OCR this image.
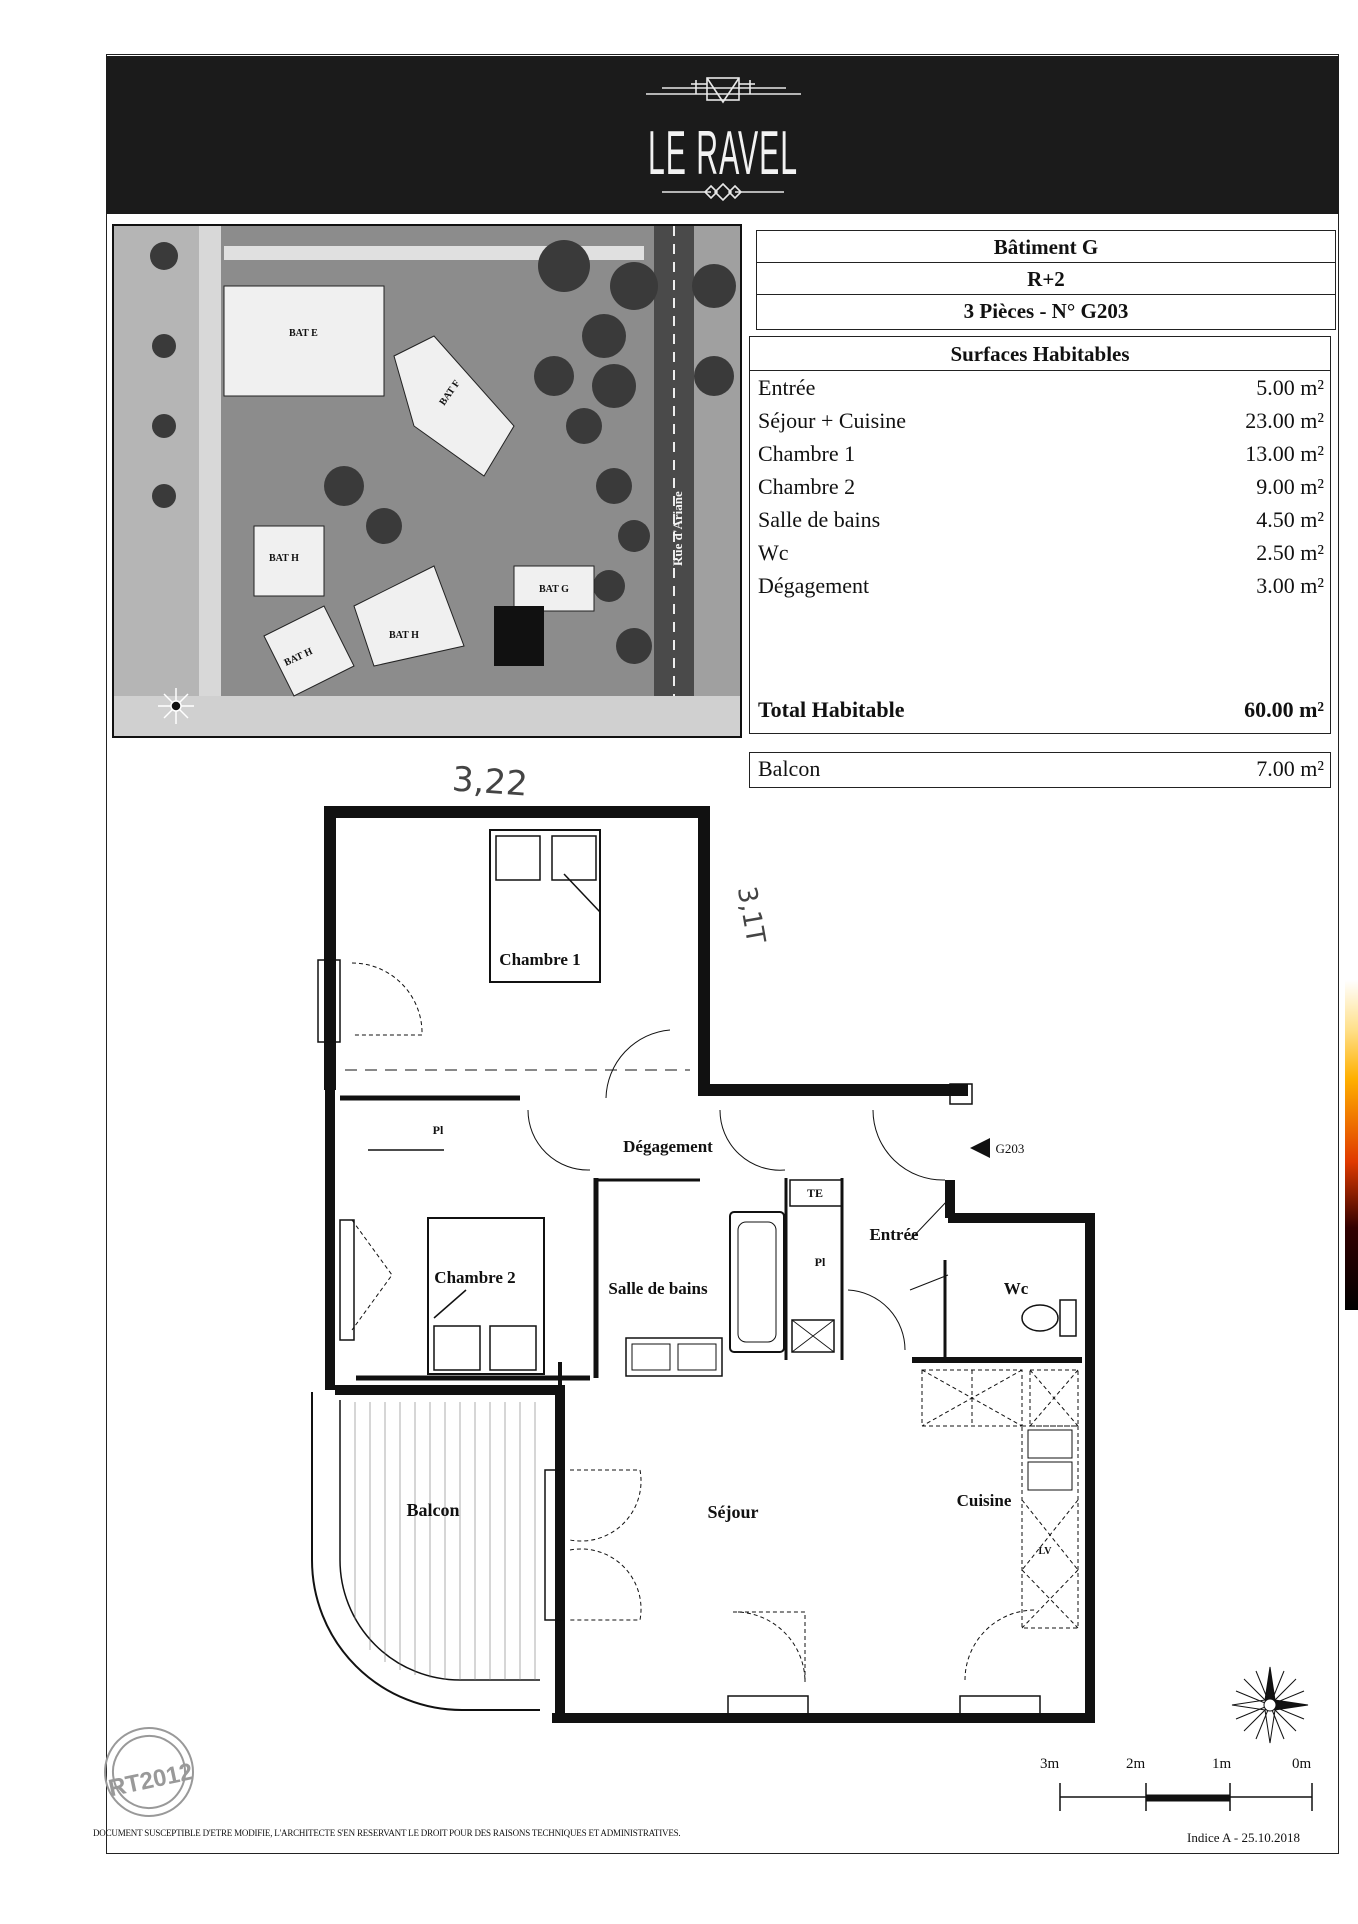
LE RAVEL
BAT E
BAT F
BAT H
BAT H
BAT H
BAT G
Rue d'Ariane
Bâtiment G
R+2
3 Pièces - N° G203
Surfaces Habitables
Entrée	5.00 m²
Séjour + Cuisine	23.00 m²
Chambre 1	13.00 m²
Chambre 2	9.00 m²
Salle de bains	4.50 m²
Wc	2.50 m²
Dégagement	3.00 m²
Total Habitable	60.00 m²
Balcon	7.00 m²
3,22
3,1T
Chambre 1
Chambre 2
Dégagement
Salle de bains
Entrée
Wc
Séjour
Cuisine
Balcon
Pl
Pl
TE
LV
G203
3m	2m	1m	0m
RT2012
DOCUMENT SUSCEPTIBLE D'ETRE MODIFIE, L'ARCHITECTE S'EN RESERVANT LE DROIT POUR DES RAISONS TECHNIQUES ET ADMINISTRATIVES.	Indice A - 25.10.2018
